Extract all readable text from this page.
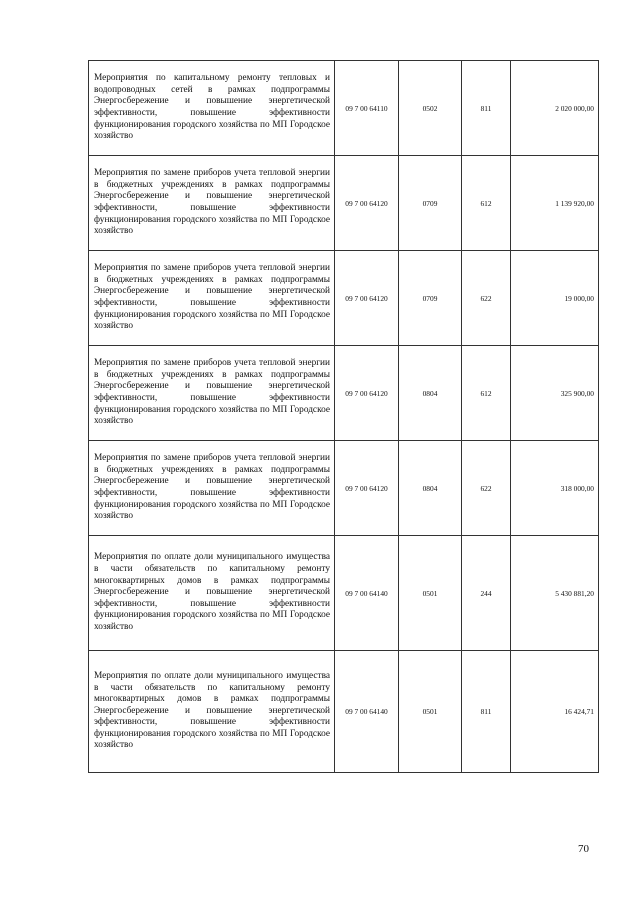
Мероприятия по капитальному ремонту тепловых и водопроводных сетей в рамках подпрограммы Энергосбережение и повышение энергетической эффективности, повышение эффективности функционирования городского хозяйства по МП Городское хозяйство	09 7 00 64110	0502	811	2 020 000,00
Мероприятия по замене приборов учета тепловой энергии в бюджетных учреждениях в рамках подпрограммы Энергосбережение и повышение энергетической эффективности, повышение эффективности функционирования городского хозяйства по МП Городское хозяйство	09 7 00 64120	0709	612	1 139 920,00
Мероприятия по замене приборов учета тепловой энергии в бюджетных учреждениях в рамках подпрограммы Энергосбережение и повышение энергетической эффективности, повышение эффективности функционирования городского хозяйства по МП Городское хозяйство	09 7 00 64120	0709	622	19 000,00
Мероприятия по замене приборов учета тепловой энергии в бюджетных учреждениях в рамках подпрограммы Энергосбережение и повышение энергетической эффективности, повышение эффективности функционирования городского хозяйства по МП Городское хозяйство	09 7 00 64120	0804	612	325 900,00
Мероприятия по замене приборов учета тепловой энергии в бюджетных учреждениях в рамках подпрограммы Энергосбережение и повышение энергетической эффективности, повышение эффективности функционирования городского хозяйства по МП Городское хозяйство	09 7 00 64120	0804	622	318 000,00
Мероприятия по оплате доли муниципального имущества в части обязательств по капитальному ремонту многоквартирных домов в рамках подпрограммы Энергосбережение и повышение энергетической эффективности, повышение эффективности функционирования городского хозяйства по МП Городское хозяйство	09 7 00 64140	0501	244	5 430 881,20
Мероприятия по оплате доли муниципального имущества в части обязательств по капитальному ремонту многоквартирных домов в рамках подпрограммы Энергосбережение и повышение энергетической эффективности, повышение эффективности функционирования городского хозяйства по МП Городское хозяйство	09 7 00 64140	0501	811	16 424,71
70
